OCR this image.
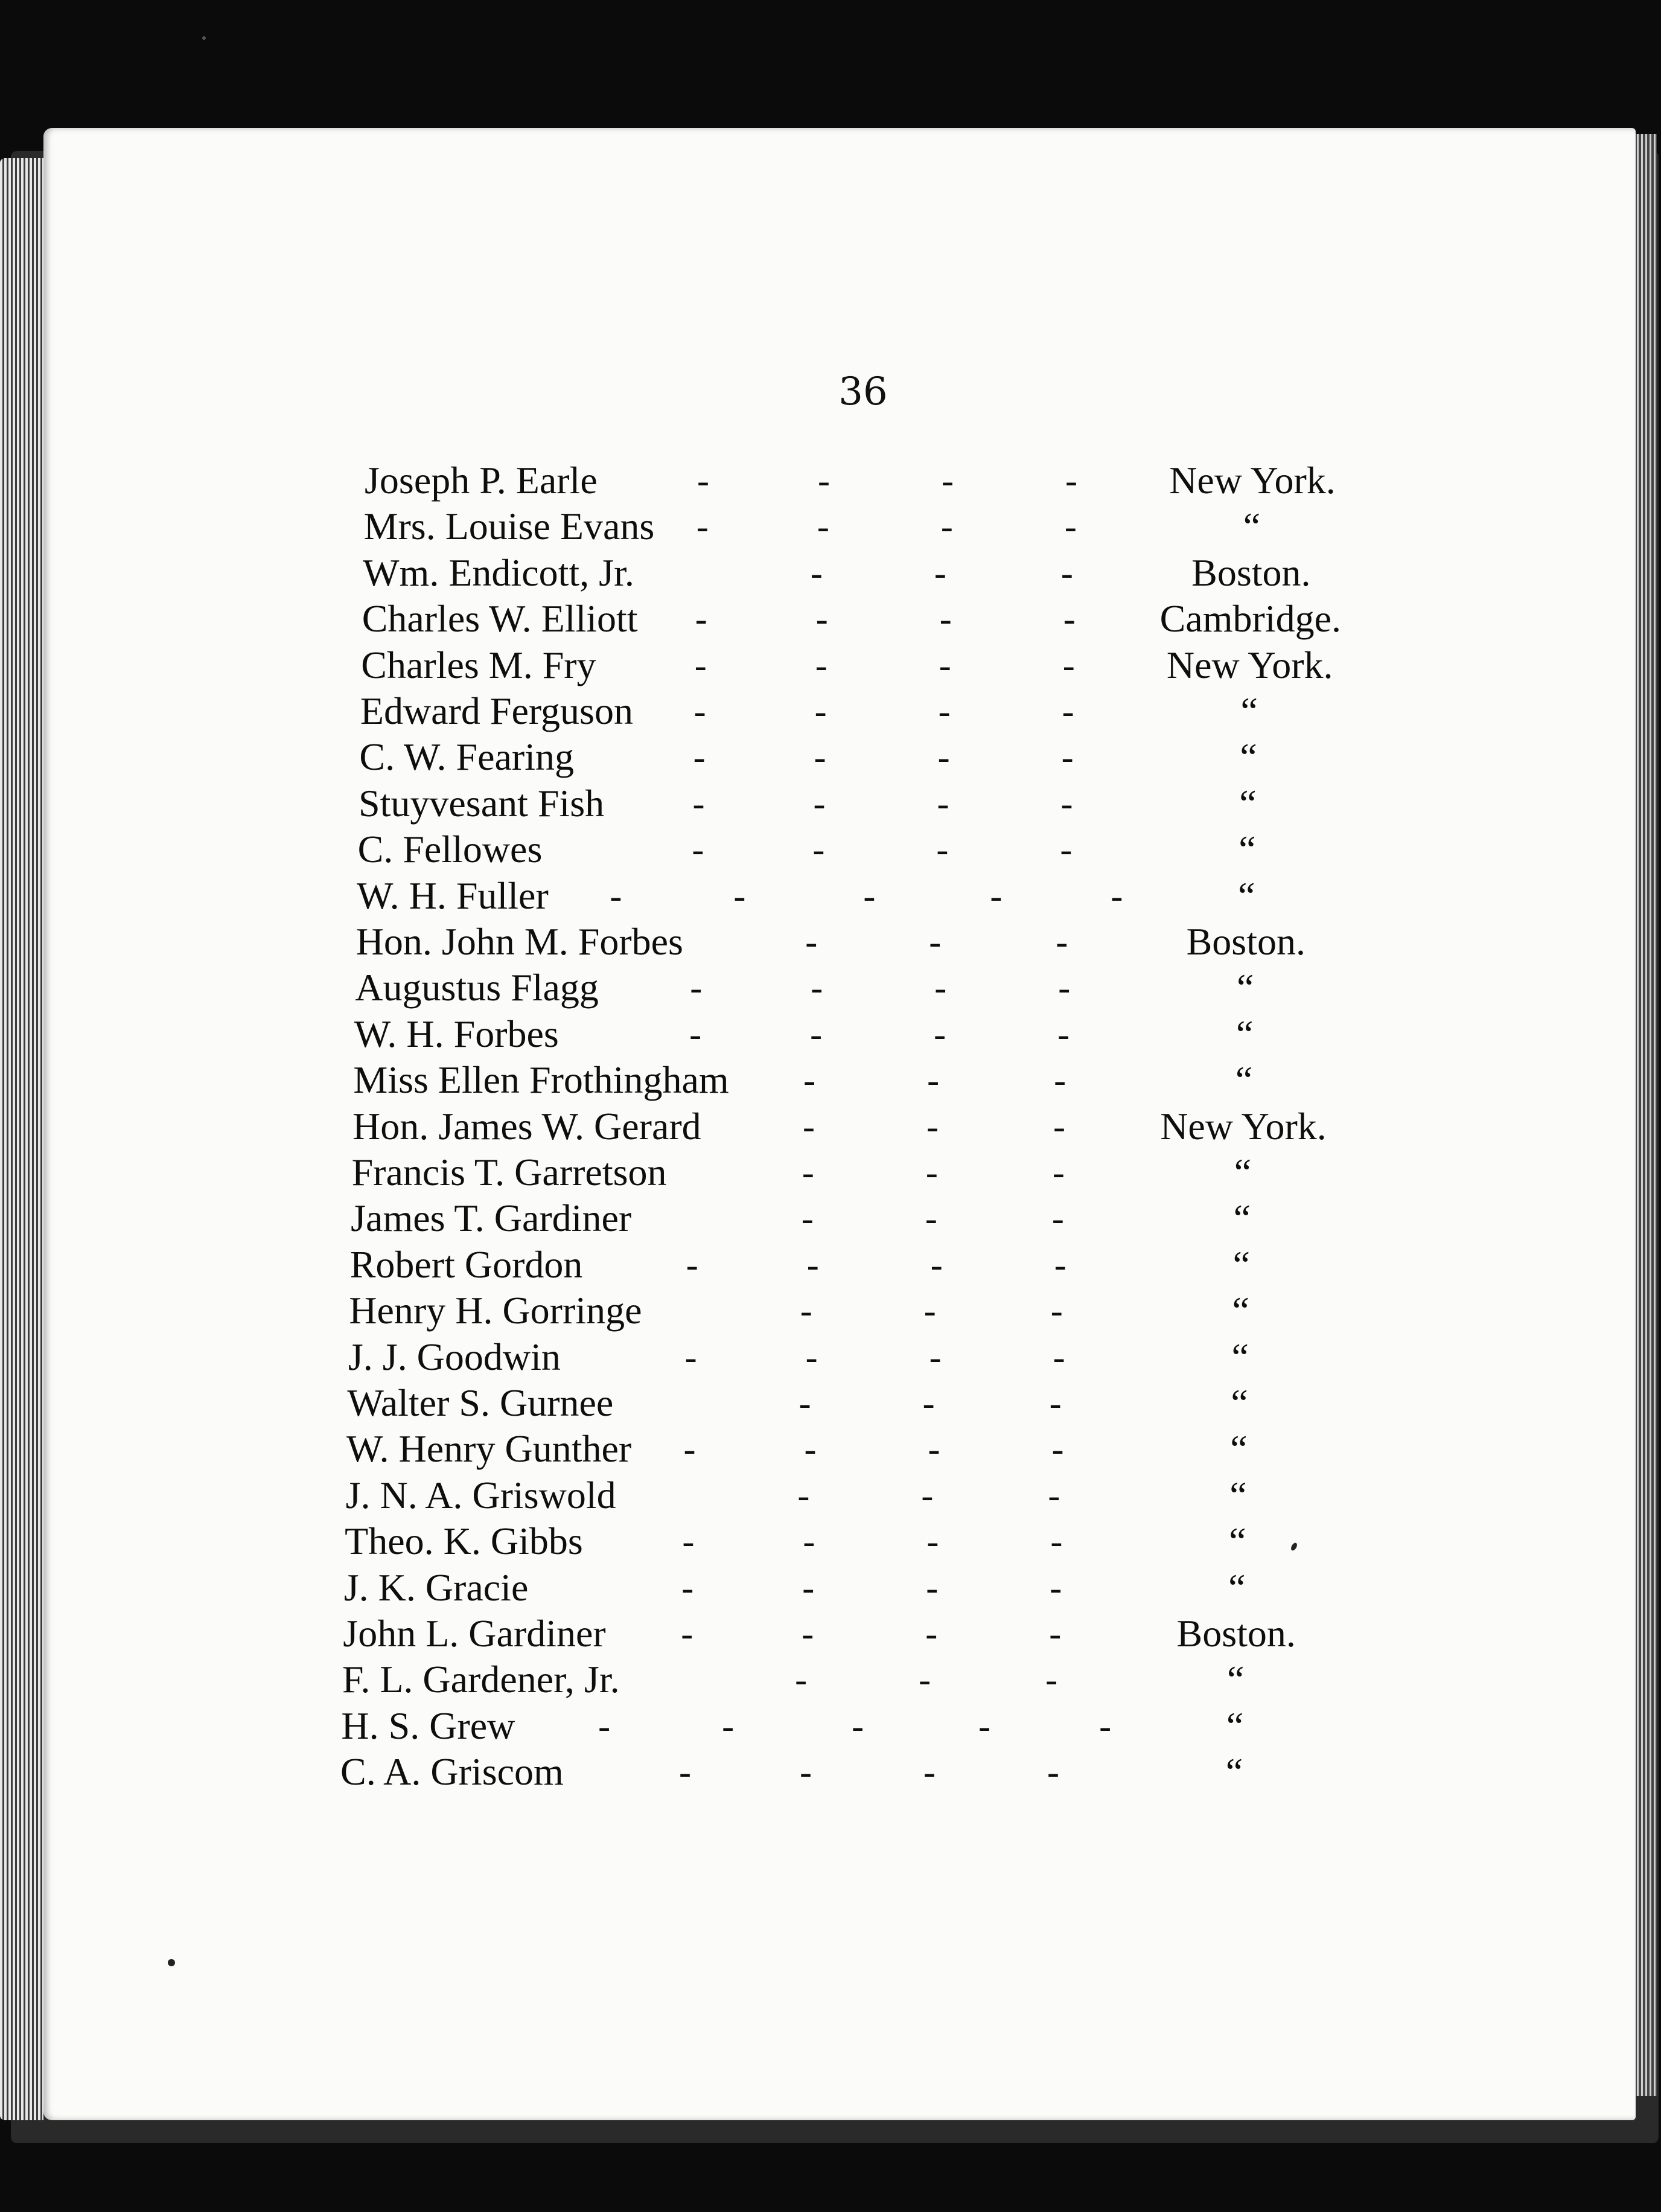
36
Joseph P. Earle	-	-	-	-	New York.
Mrs. Louise Evans -	-	-	-	“
Wm. Endicott, Jr.	-	-	-	Boston.
Charles W. Elliott -	-	-	-	Cambridge.
Charles M. Fry	-	-	-	-	New York.
Edward Ferguson -	-	-	-	“
C. W. Fearing	-	-	-	-	“
Stuyvesant Fish -	-	-	-	“
C. Fellowes	-	-	-	-	“
W. H. Fuller -	-	-	-	-	“
Hon. John M. Forbes	-	-	-	Boston.
Augustus Flagg	-	-	-	-	“
W. H. Forbes	-	-	-	-	“
Miss Ellen Frothingham -	-	-	“
Hon. James W. Gerard	-	-	-	New York.
Francis T. Garretson	-	-	-	“
James T. Gardiner	-	-	-	“
Robert Gordon	-	-	-	-	“
Henry H. Gorringe	-	-	-	“
J. J. Goodwin	-	-	-	-	“
Walter S. Gurnee	-	-	-	“
W. Henry Gunther -	-	-	-	“
J. N. A. Griswold	-	-	-	“
Theo. K. Gibbs	-	-	-	-	“
J. K. Gracie	-	-	-	-	“
John L. Gardiner -	-	-	-	Boston.
F. L. Gardener, Jr.	-	-	-	“
H. S. Grew -	-	-	-	-	“
C. A. Griscom	-	-	-	-	“
